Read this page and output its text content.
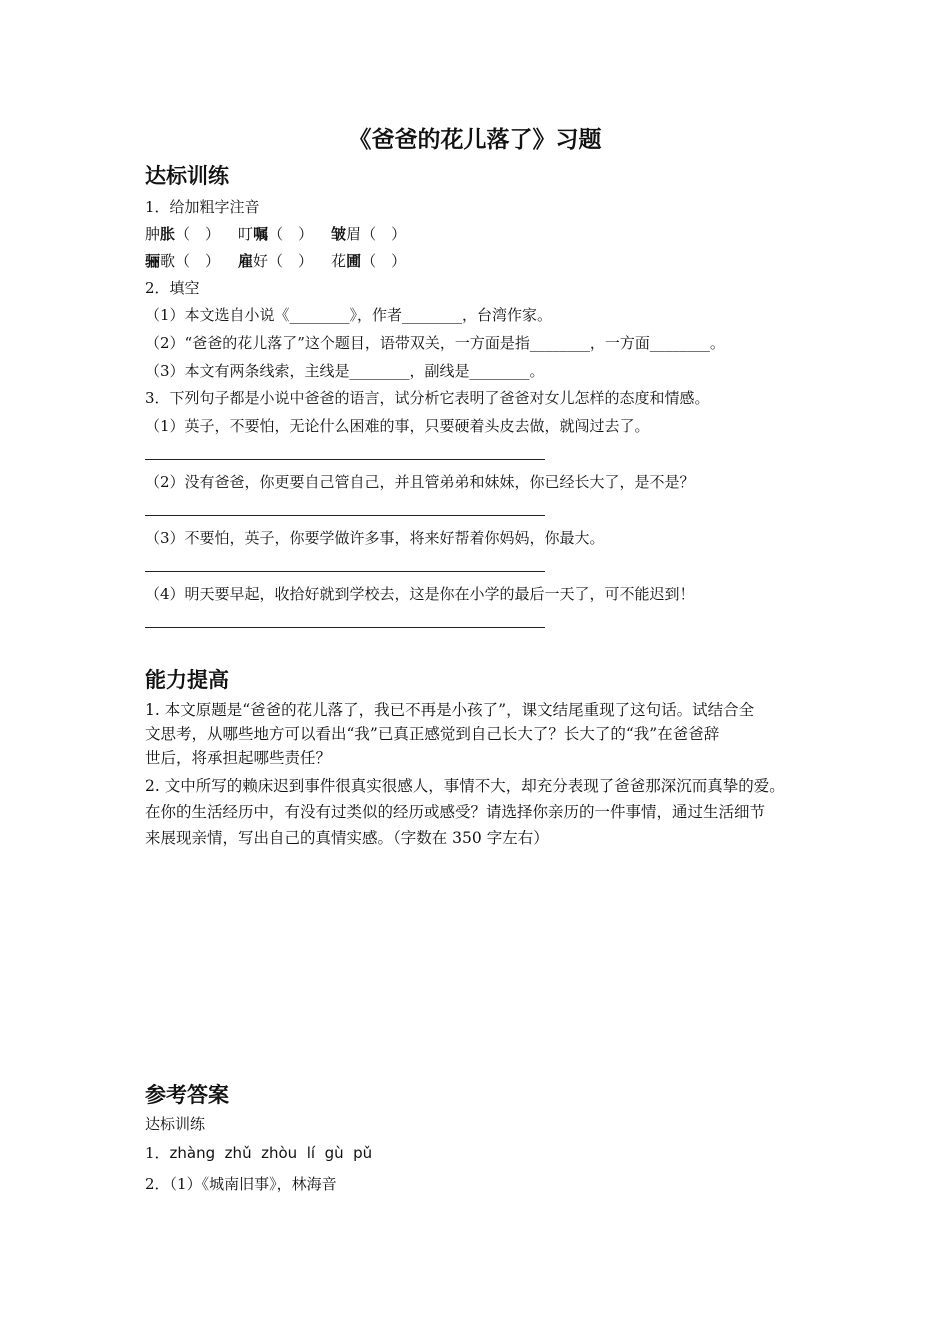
《爸爸的花儿落了》习题
达标训练
1．给加粗字注音
肿胀（　） 叮嘱（　） 皱眉（　）
骊歌（　） 雇好（　） 花圃（　）
2．填空
（1）本文选自小说《________》，作者________，台湾作家。
（2）“爸爸的花儿落了”这个题目，语带双关，一方面是指________，一方面________。
（3）本文有两条线索，主线是________，副线是________。
3．下列句子都是小说中爸爸的语言，试分析它表明了爸爸对女儿怎样的态度和情感。
（1）英子，不要怕，无论什么困难的事，只要硬着头皮去做，就闯过去了。
（2）没有爸爸，你更要自己管自己，并且管弟弟和妹妹，你已经长大了，是不是？
（3）不要怕，英子，你要学做许多事，将来好帮着你妈妈，你最大。
（4）明天要早起，收拾好就到学校去，这是你在小学的最后一天了，可不能迟到！
能力提高
1. 本文原题是“爸爸的花儿落了，我已不再是小孩了”，课文结尾重现了这句话。试结合全
文思考，从哪些地方可以看出“我”已真正感觉到自己长大了？长大了的“我”在爸爸辞
世后，将承担起哪些责任？
2. 文中所写的赖床迟到事件很真实很感人，事情不大，却充分表现了爸爸那深沉而真挚的爱。
在你的生活经历中，有没有过类似的经历或感受？请选择你亲历的一件事情，通过生活细节
来展现亲情，写出自己的真情实感。（字数在 350 字左右）
参考答案
达标训练
1．zhàng  zhǔ  zhòu  lí  gù  pǔ
2．（1）《城南旧事》，林海音
